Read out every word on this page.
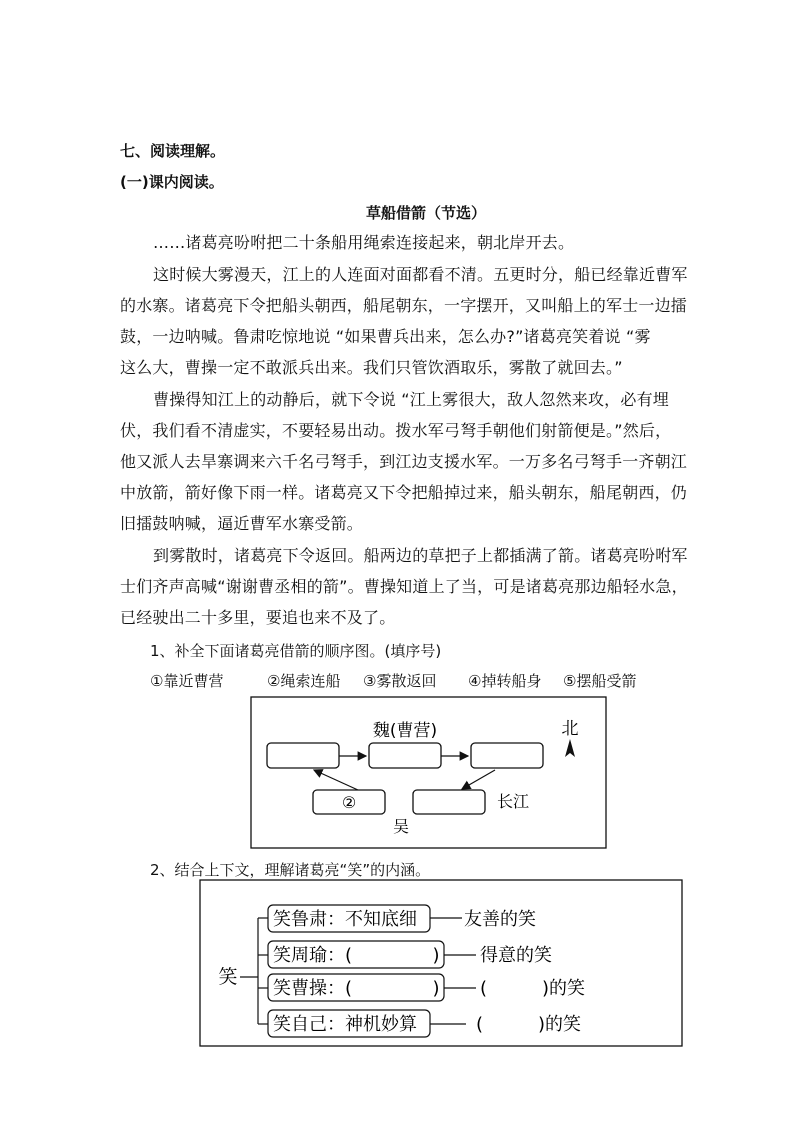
七、阅读理解。
(一)课内阅读。
草船借箭（节选）
……诸葛亮吩咐把二十条船用绳索连接起来，朝北岸开去。
这时候大雾漫天，江上的人连面对面都看不清。五更时分，船已经靠近曹军
的水寨。诸葛亮下令把船头朝西，船尾朝东，一字摆开，又叫船上的军士一边擂
鼓，一边呐喊。鲁肃吃惊地说 “如果曹兵出来，怎么办?”诸葛亮笑着说 “雾
这么大，曹操一定不敢派兵出来。我们只管饮酒取乐，雾散了就回去。”
曹操得知江上的动静后，就下令说 “江上雾很大，敌人忽然来攻，必有埋
伏，我们看不清虚实，不要轻易出动。拨水军弓弩手朝他们射箭便是。”然后，
他又派人去旱寨调来六千名弓弩手，到江边支援水军。一万多名弓弩手一齐朝江
中放箭，箭好像下雨一样。诸葛亮又下令把船掉过来，船头朝东，船尾朝西，仍
旧擂鼓呐喊，逼近曹军水寨受箭。
到雾散时，诸葛亮下令返回。船两边的草把子上都插满了箭。诸葛亮吩咐军
士们齐声高喊“谢谢曹丞相的箭”。曹操知道上了当，可是诸葛亮那边船轻水急，
已经驶出二十多里，要追也来不及了。
1、补全下面诸葛亮借箭的顺序图。(填序号)
①靠近曹营	②绳索连船 ③雾散返回 ④掉转船身 ⑤摆船受箭
魏(曹营)	北
②	长江
吴
2、结合上下文，理解诸葛亮“笑”的内涵。
笑
笑鲁肃：不知底细
笑周瑜：(	)
笑曹操：(	)
笑自己：神机妙算
友善的笑
得意的笑
(	)的笑
(	)的笑
